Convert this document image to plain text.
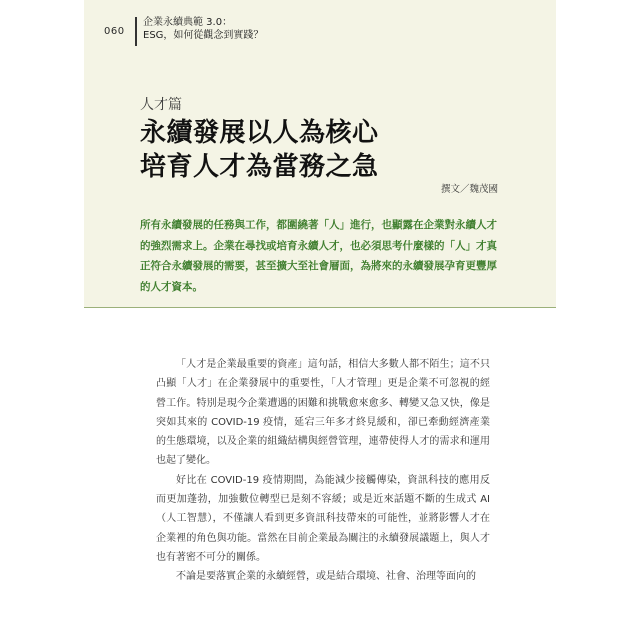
060
企業永續典範 3.0：
ESG，如何從觀念到實踐？
人才篇
永續發展以人為核心
培育人才為當務之急
撰文／魏茂國
所有永續發展的任務與工作，都圍繞著「人」進行，也顯露在企業對永續人才的強烈需求上。企業在尋找或培育永續人才，也必須思考什麼樣的「人」才真正符合永續發展的需要，甚至擴大至社會層面，為將來的永續發展孕育更豐厚的人才資本。

「人才是企業最重要的資產」這句話，相信大多數人都不陌生；這不只凸顯「人才」在企業發展中的重要性，「人才管理」更是企業不可忽視的經營工作。特別是現今企業遭遇的困難和挑戰愈來愈多、轉變又急又快，像是突如其來的 COVID-19 疫情，延宕三年多才終見緩和，卻已牽動經濟產業的生態環境，以及企業的組織結構與經營管理，連帶使得人才的需求和運用也起了變化。

好比在 COVID-19 疫情期間，為能減少接觸傳染，資訊科技的應用反而更加蓬勃，加強數位轉型已是刻不容緩；或是近來話題不斷的生成式 AI（人工智慧），不僅讓人看到更多資訊科技帶來的可能性，並將影響人才在企業裡的角色與功能。當然在目前企業最為關注的永續發展議題上，與人才也有著密不可分的關係。

不論是要落實企業的永續經營，或是結合環境、社會、治理等面向的
